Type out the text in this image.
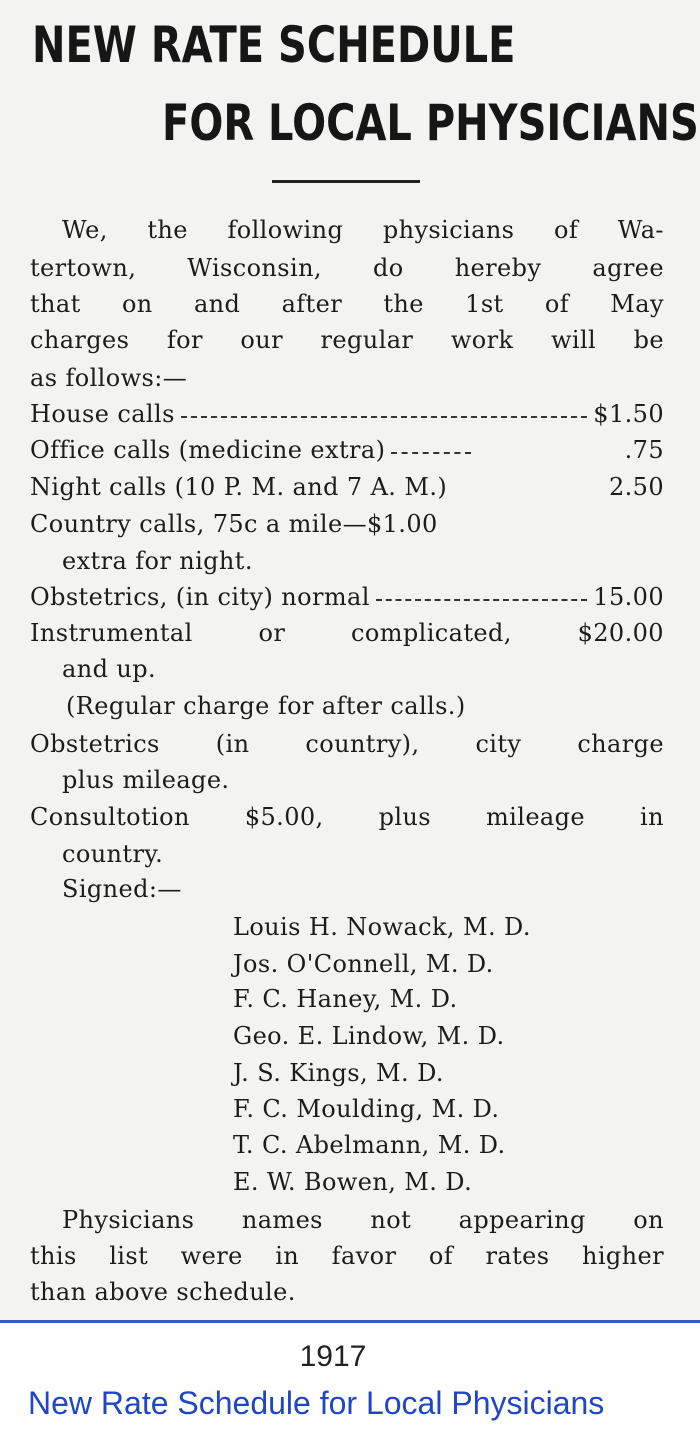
NEW RATE SCHEDULE
FOR LOCAL PHYSICIANS
We, the following physicians of Wa-
tertown, Wisconsin, do hereby agree
that on and after the 1st of May
charges for our regular work will be
as follows:—
House calls	$1.50
Office calls (medicine extra)	.75
Night calls (10 P. M. and 7 A. M.)	2.50
Country calls, 75c a mile—$1.00
extra for night.
Obstetrics, (in city) normal	15.00
Instrumental	or	complicated,	$20.00
and up.
(Regular charge for after calls.)
Obstetrics (in country), city charge
plus mileage.
Consultotion $5.00, plus mileage in
country.
Signed:—
Louis H. Nowack, M. D.
Jos. O'Connell, M. D.
F. C. Haney, M. D.
Geo. E. Lindow, M. D.
J. S. Kings, M. D.
F. C. Moulding, M. D.
T. C. Abelmann, M. D.
E. W. Bowen, M. D.
Physicians names not appearing on
this list were in favor of rates higher
than above schedule.
1917
New Rate Schedule for Local Physicians
